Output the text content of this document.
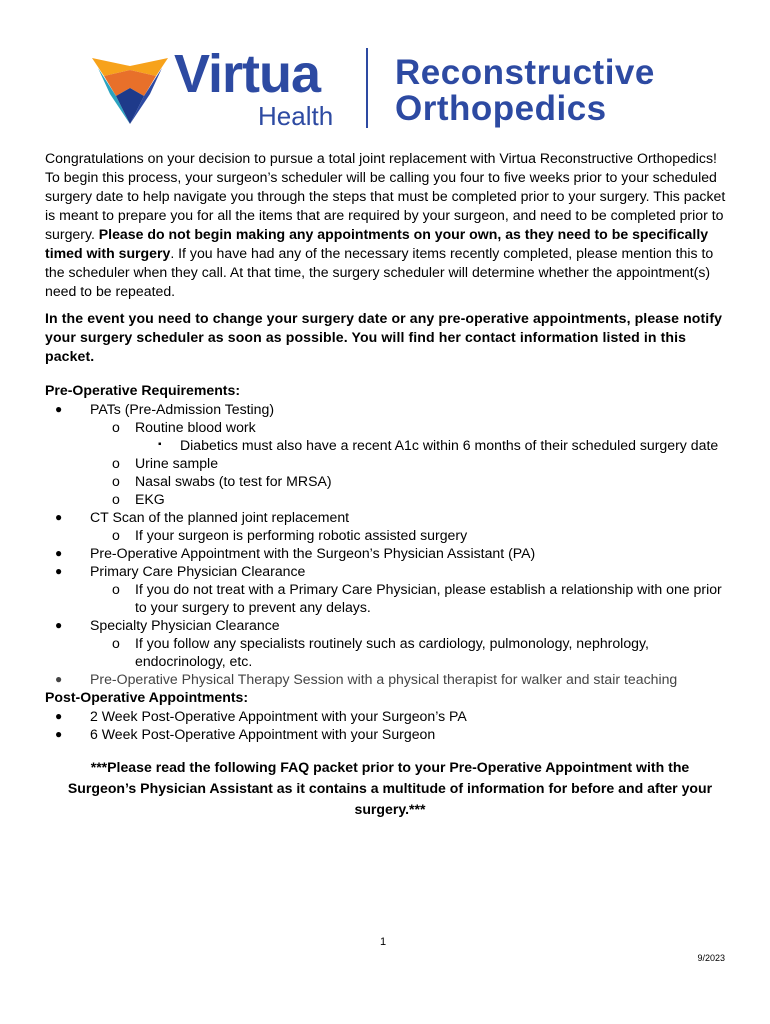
Virtua
Health
Reconstructive
Orthopedics

Congratulations on your decision to pursue a total joint replacement with Virtua Reconstructive Orthopedics! To begin this process, your surgeon’s scheduler will be calling you four to five weeks prior to your scheduled surgery date to help navigate you through the steps that must be completed prior to your surgery. This packet is meant to prepare you for all the items that are required by your surgeon, and need to be completed prior to surgery. Please do not begin making any appointments on your own, as they need to be specifically timed with surgery. If you have had any of the necessary items recently completed, please mention this to the scheduler when they call. At that time, the surgery scheduler will determine whether the appointment(s) need to be repeated.

In the event you need to change your surgery date or any pre-operative appointments, please notify your surgery scheduler as soon as possible. You will find her contact information listed in this packet.

Pre-Operative Requirements:

● PATs (Pre-Admission Testing)
o Routine blood work
▪ Diabetics must also have a recent A1c within 6 months of their scheduled surgery date
o Urine sample
o Nasal swabs (to test for MRSA)
o EKG
● CT Scan of the planned joint replacement
o If your surgeon is performing robotic assisted surgery
● Pre-Operative Appointment with the Surgeon’s Physician Assistant (PA)
● Primary Care Physician Clearance
o If you do not treat with a Primary Care Physician, please establish a relationship with one prior to your surgery to prevent any delays.
● Specialty Physician Clearance
o If you follow any specialists routinely such as cardiology, pulmonology, nephrology, endocrinology, etc.
● Pre-Operative Physical Therapy Session with a physical therapist for walker and stair teaching

Post-Operative Appointments:

● 2 Week Post-Operative Appointment with your Surgeon’s PA
● 6 Week Post-Operative Appointment with your Surgeon

***Please read the following FAQ packet prior to your Pre-Operative Appointment with the Surgeon’s Physician Assistant as it contains a multitude of information for before and after your surgery.***

1
9/2023
